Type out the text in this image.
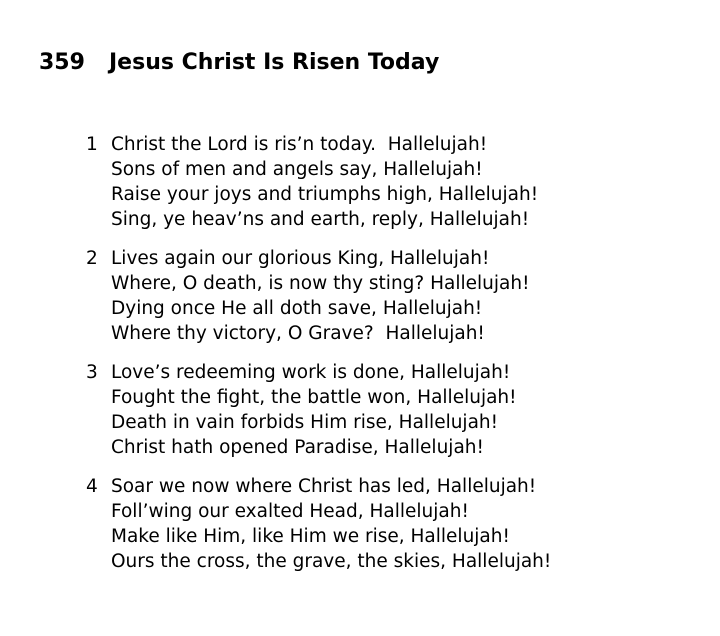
359 Jesus Christ Is Risen Today
1 Christ the Lord is ris’n today.  Hallelujah!
Sons of men and angels say, Hallelujah!
Raise your joys and triumphs high, Hallelujah!
Sing, ye heav’ns and earth, reply, Hallelujah!
2 Lives again our glorious King, Hallelujah!
Where, O death, is now thy sting? Hallelujah!
Dying once He all doth save, Hallelujah!
Where thy victory, O Grave?  Hallelujah!
3 Love’s redeeming work is done, Hallelujah!
Fought the fight, the battle won, Hallelujah!
Death in vain forbids Him rise, Hallelujah!
Christ hath opened Paradise, Hallelujah!
4 Soar we now where Christ has led, Hallelujah!
Foll’wing our exalted Head, Hallelujah!
Make like Him, like Him we rise, Hallelujah!
Ours the cross, the grave, the skies, Hallelujah!
